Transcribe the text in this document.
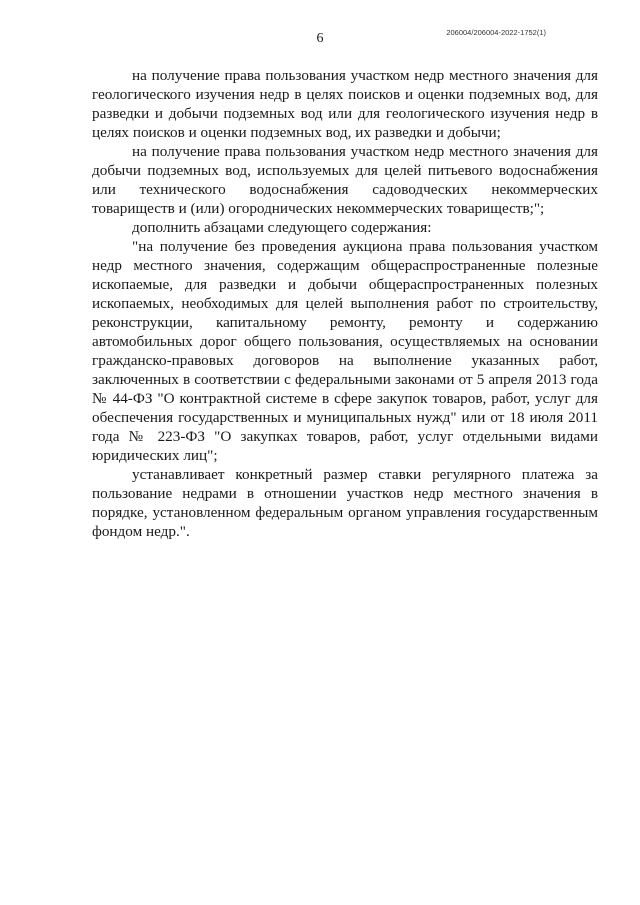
6	206004/206004-2022-1752(1)

на получение права пользования участком недр местного значения для геологического изучения недр в целях поисков и оценки подземных вод, для разведки и добычи подземных вод или для геологического изучения недр в целях поисков и оценки подземных вод, их разведки и добычи;

на получение права пользования участком недр местного значения для добычи подземных вод, используемых для целей питьевого водоснабжения или технического водоснабжения садоводческих некоммерческих товариществ и (или) огороднических некоммерческих товариществ;";

дополнить абзацами следующего содержания:

"на получение без проведения аукциона права пользования участком недр местного значения, содержащим общераспространенные полезные ископаемые, для разведки и добычи общераспространенных полезных ископаемых, необходимых для целей выполнения работ по строительству, реконструкции, капитальному ремонту, ремонту и содержанию автомобильных дорог общего пользования, осуществляемых на основании гражданско-правовых договоров на выполнение указанных работ, заключенных в соответствии с федеральными законами от 5 апреля 2013 года № 44-ФЗ "О контрактной системе в сфере закупок товаров, работ, услуг для обеспечения государственных и муниципальных нужд" или от 18 июля 2011 года № 223-ФЗ "О закупках товаров, работ, услуг отдельными видами юридических лиц";

устанавливает конкретный размер ставки регулярного платежа за пользование недрами в отношении участков недр местного значения в порядке, установленном федеральным органом управления государственным фондом недр.".
